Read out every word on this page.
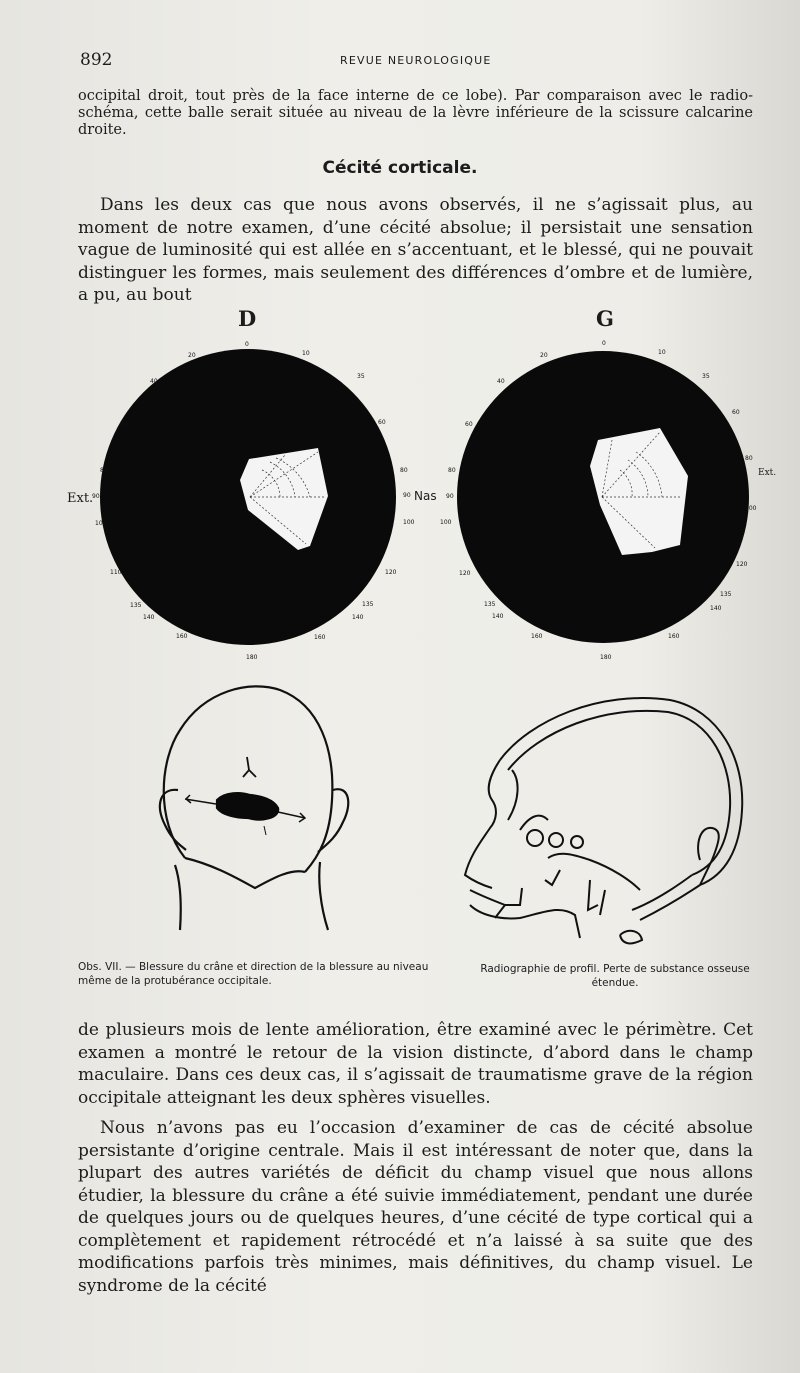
892	REVUE NEUROLOGIQUE
occipital droit, tout près de la face interne de ce lobe). Par comparaison avec le radio-schéma, cette balle serait située au niveau de la lèvre inférieure de la scissure calcarine droite.
Cécité corticale.
Dans les deux cas que nous avons observés, il ne s’agissait plus, au moment de notre examen, d’une cécité absolue; il persistait une sensation vague de luminosité qui est allée en s’accentuant, et le blessé, qui ne pouvait distinguer les formes, mais seulement des différences d’ombre et de lumière, a pu, au bout
D	G
Ext.	Nas
Ext.
0
10
20
40
35
60	60
80	80
90	90
100	100
110	120
135	135
140	140
160	160
180
0
10
20
40
35
60
60
80
80
90
100
100
120
120
135
135
140
140
160	160
180
Obs. VII. — Blessure du crâne et direction de la blessure au niveau même de la protubérance occipitale.
Radiographie de profil. Perte de substance osseuse étendue.
de plusieurs mois de lente amélioration, être examiné avec le périmètre. Cet examen a montré le retour de la vision distincte, d’abord dans le champ maculaire. Dans ces deux cas, il s’agissait de traumatisme grave de la région occipitale atteignant les deux sphères visuelles.
Nous n’avons pas eu l’occasion d’examiner de cas de cécité absolue persistante d’origine centrale. Mais il est intéressant de noter que, dans la plupart des autres variétés de déficit du champ visuel que nous allons étudier, la blessure du crâne a été suivie immédiatement, pendant une durée de quelques jours ou de quelques heures, d’une cécité de type cortical qui a complètement et rapidement rétrocédé et n’a laissé à sa suite que des modifications parfois très minimes, mais définitives, du champ visuel. Le syndrome de la cécité
